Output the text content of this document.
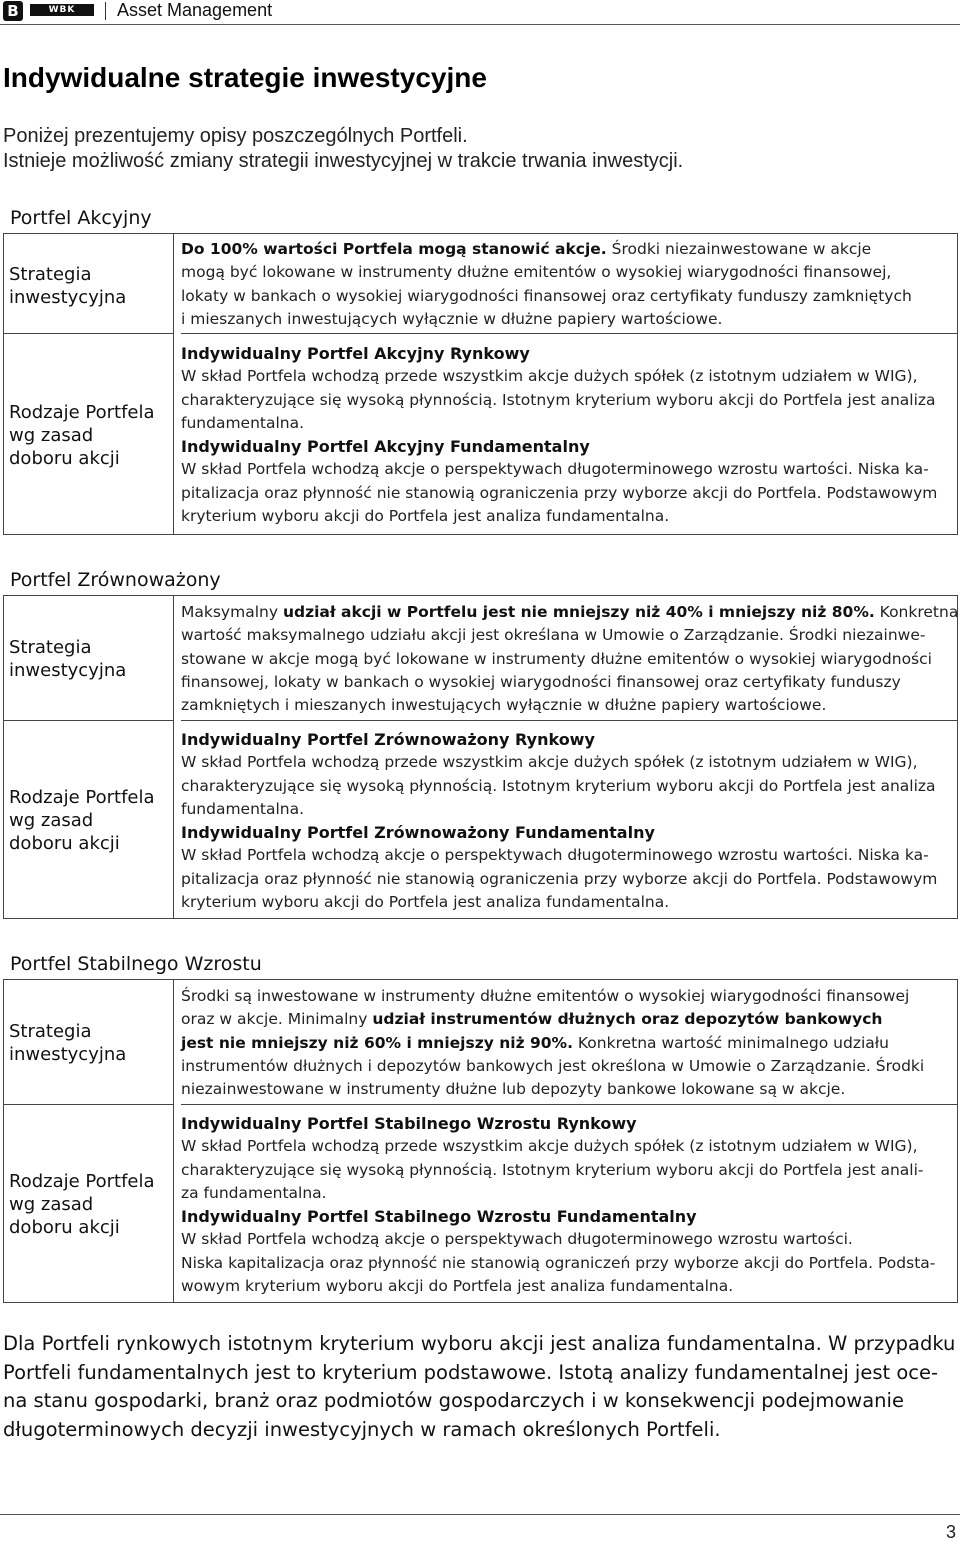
B	WBK	Asset Management
Indywidualne strategie inwestycyjne
Poniżej prezentujemy opisy poszczególnych Portfeli.
Istnieje możliwość zmiany strategii inwestycyjnej w trakcie trwania inwestycji.
Portfel Akcyjny
Strategia
inwestycyjna
Rodzaje Portfela
wg zasad
doboru akcji
Do 100% wartości Portfela mogą stanowić akcje. Środki niezainwestowane w akcje
mogą być lokowane w instrumenty dłużne emitentów o wysokiej wiarygodności finansowej,
lokaty w bankach o wysokiej wiarygodności finansowej oraz certyfikaty funduszy zamkniętych
i mieszanych inwestujących wyłącznie w dłużne papiery wartościowe.
Indywidualny Portfel Akcyjny Rynkowy
W skład Portfela wchodzą przede wszystkim akcje dużych spółek (z istotnym udziałem w WIG),
charakteryzujące się wysoką płynnością. Istotnym kryterium wyboru akcji do Portfela jest analiza
fundamentalna.
Indywidualny Portfel Akcyjny Fundamentalny
W skład Portfela wchodzą akcje o perspektywach długoterminowego wzrostu wartości. Niska ka-
pitalizacja oraz płynność nie stanowią ograniczenia przy wyborze akcji do Portfela. Podstawowym
kryterium wyboru akcji do Portfela jest analiza fundamentalna.
Portfel Zrównoważony
Strategia
inwestycyjna
Rodzaje Portfela
wg zasad
doboru akcji
Maksymalny udział akcji w Portfelu jest nie mniejszy niż 40% i mniejszy niż 80%. Konkretna
wartość maksymalnego udziału akcji jest określana w Umowie o Zarządzanie. Środki niezainwe-
stowane w akcje mogą być lokowane w instrumenty dłużne emitentów o wysokiej wiarygodności
finansowej, lokaty w bankach o wysokiej wiarygodności finansowej oraz certyfikaty funduszy
zamkniętych i mieszanych inwestujących wyłącznie w dłużne papiery wartościowe.
Indywidualny Portfel Zrównoważony Rynkowy
W skład Portfela wchodzą przede wszystkim akcje dużych spółek (z istotnym udziałem w WIG),
charakteryzujące się wysoką płynnością. Istotnym kryterium wyboru akcji do Portfela jest analiza
fundamentalna.
Indywidualny Portfel Zrównoważony Fundamentalny
W skład Portfela wchodzą akcje o perspektywach długoterminowego wzrostu wartości. Niska ka-
pitalizacja oraz płynność nie stanowią ograniczenia przy wyborze akcji do Portfela. Podstawowym
kryterium wyboru akcji do Portfela jest analiza fundamentalna.
Portfel Stabilnego Wzrostu
Strategia
inwestycyjna
Rodzaje Portfela
wg zasad
doboru akcji
Środki są inwestowane w instrumenty dłużne emitentów o wysokiej wiarygodności finansowej
oraz w akcje. Minimalny udział instrumentów dłużnych oraz depozytów bankowych
jest nie mniejszy niż 60% i mniejszy niż 90%. Konkretna wartość minimalnego udziału
instrumentów dłużnych i depozytów bankowych jest określona w Umowie o Zarządzanie. Środki
niezainwestowane w instrumenty dłużne lub depozyty bankowe lokowane są w akcje.
Indywidualny Portfel Stabilnego Wzrostu Rynkowy
W skład Portfela wchodzą przede wszystkim akcje dużych spółek (z istotnym udziałem w WIG),
charakteryzujące się wysoką płynnością. Istotnym kryterium wyboru akcji do Portfela jest anali-
za fundamentalna.
Indywidualny Portfel Stabilnego Wzrostu Fundamentalny
W skład Portfela wchodzą akcje o perspektywach długoterminowego wzrostu wartości.
Niska kapitalizacja oraz płynność nie stanowią ograniczeń przy wyborze akcji do Portfela. Podsta-
wowym kryterium wyboru akcji do Portfela jest analiza fundamentalna.
Dla Portfeli rynkowych istotnym kryterium wyboru akcji jest analiza fundamentalna. W przypadku
Portfeli fundamentalnych jest to kryterium podstawowe. Istotą analizy fundamentalnej jest oce-
na stanu gospodarki, branż oraz podmiotów gospodarczych i w konsekwencji podejmowanie
długoterminowych decyzji inwestycyjnych w ramach określonych Portfeli.
3
